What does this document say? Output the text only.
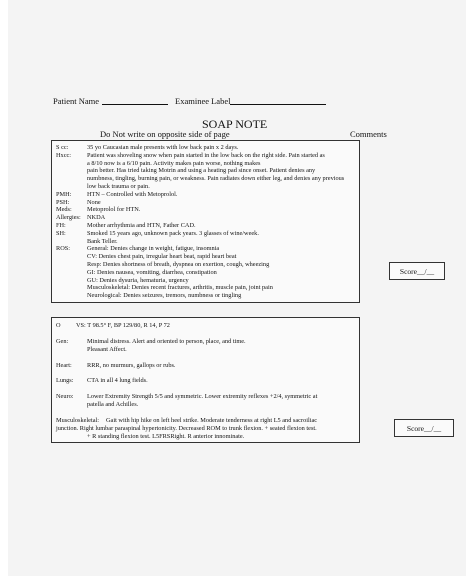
Patient Name	Examinee Label
SOAP NOTE
Do Not write on opposite side of page	Comments
S cc:	35 yo Caucasian male presents with low back pain x 2 days.
Hxcc:	Patient was shoveling snow when pain started in the low back on the right side. Pain started as
a 8/10 now is a 6/10 pain. Activity makes pain worse, nothing makes
pain better. Has tried taking Motrin and using a heating pad since onset. Patient denies any
numbness, tingling, burning pain, or weakness. Pain radiates down either leg, and denies any previous
low back trauma or pain.
PMH: HTN – Controlled with Metoprolol.
PSH:	None
Meds: Metoprolol for HTN.
Allergies: NKDA
FH:	Mother arrhythmia and HTN, Father CAD.
SH:	Smoked 15 years ago, unknown pack years. 3 glasses of wine/week.
Bank Teller.
ROS:	General: Denies change in weight, fatigue, insomnia
CV: Denies chest pain, irregular heart beat, rapid heart beat
Resp: Denies shortness of breath, dyspnea on exertion, cough, wheezing
GI: Denies nausea, vomiting, diarrhea, constipation
GU: Denies dysuria, hematuria, urgency
Musculoskeletal: Denies recent fractures, arthritis, muscle pain, joint pain
Neurological: Denies seizures, tremors, numbness or tingling
Score__/__
O VS: T 98.5° F, BP 129/80, R 14, P 72
Gen:	Minimal distress. Alert and oriented to person, place, and time.
Pleasant Affect.
Heart: RRR, no murmurs, gallops or rubs.
Lungs: CTA in all 4 lung fields.
Neuro: Lower Extremity Strength 5/5 and symmetric. Lower extremity reflexes +2/4, symmetric at
patella and Achilles.
Musculoskeletal: Gait with hip hike on left heel strike. Moderate tenderness at right L5 and sacroiliac
junction. Right lumbar paraspinal hypertonicity. Decreased ROM to trunk flexion. + seated flexion test.
+ R standing flexion test. L5FRSRight. R anterior innominate.
Score__/__
